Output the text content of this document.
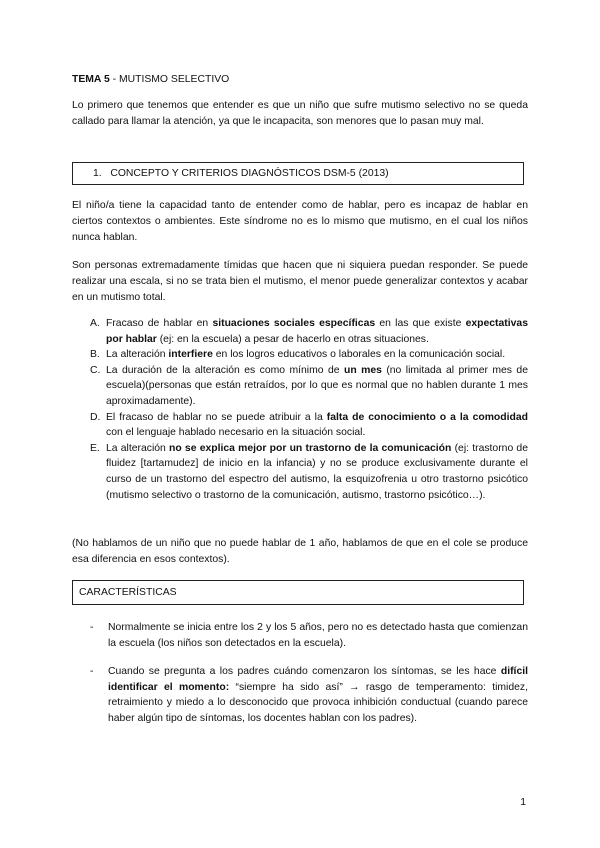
TEMA 5 - MUTISMO SELECTIVO
Lo primero que tenemos que entender es que un niño que sufre mutismo selectivo no se queda callado para llamar la atención, ya que le incapacita, son menores que lo pasan muy mal.
1. CONCEPTO Y CRITERIOS DIAGNÓSTICOS DSM-5 (2013)
El niño/a tiene la capacidad tanto de entender como de hablar, pero es incapaz de hablar en ciertos contextos o ambientes. Este síndrome no es lo mismo que mutismo, en el cual los niños nunca hablan.
Son personas extremadamente tímidas que hacen que ni siquiera puedan responder. Se puede realizar una escala, si no se trata bien el mutismo, el menor puede generalizar contextos y acabar en un mutismo total.
A. Fracaso de hablar en situaciones sociales específicas en las que existe expectativas por hablar (ej: en la escuela) a pesar de hacerlo en otras situaciones.
B. La alteración interfiere en los logros educativos o laborales en la comunicación social.
C. La duración de la alteración es como mínimo de un mes (no limitada al primer mes de escuela)(personas que están retraídos, por lo que es normal que no hablen durante 1 mes aproximadamente).
D. El fracaso de hablar no se puede atribuir a la falta de conocimiento o a la comodidad con el lenguaje hablado necesario en la situación social.
E. La alteración no se explica mejor por un trastorno de la comunicación (ej: trastorno de fluidez [tartamudez] de inicio en la infancia) y no se produce exclusivamente durante el curso de un trastorno del espectro del autismo, la esquizofrenia u otro trastorno psicótico (mutismo selectivo o trastorno de la comunicación, autismo, trastorno psicótico…).
(No hablamos de un niño que no puede hablar de 1 año, hablamos de que en el cole se produce esa diferencia en esos contextos).
CARACTERÍSTICAS
- Normalmente se inicia entre los 2 y los 5 años, pero no es detectado hasta que comienzan la escuela (los niños son detectados en la escuela).
- Cuando se pregunta a los padres cuándo comenzaron los síntomas, se les hace difícil identificar el momento: “siempre ha sido así” → rasgo de temperamento: timidez, retraimiento y miedo a lo desconocido que provoca inhibición conductual (cuando parece haber algún tipo de síntomas, los docentes hablan con los padres).
1
